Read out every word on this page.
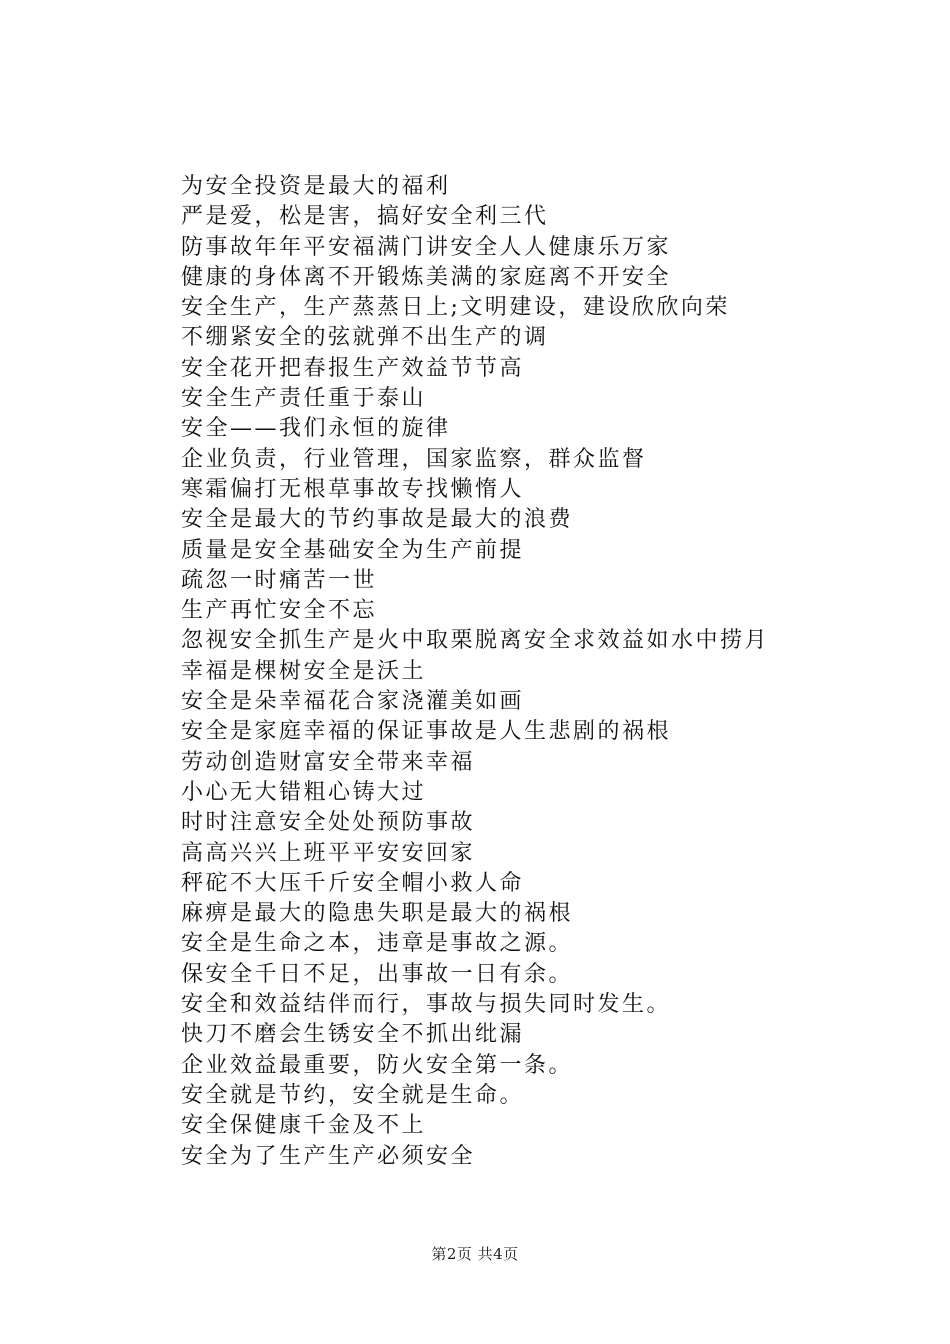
为安全投资是最大的福利
严是爱，松是害，搞好安全利三代
防事故年年平安福满门讲安全人人健康乐万家
健康的身体离不开锻炼美满的家庭离不开安全
安全生产，生产蒸蒸日上;文明建设，建设欣欣向荣
不绷紧安全的弦就弹不出生产的调
安全花开把春报生产效益节节高
安全生产责任重于泰山
安全——我们永恒的旋律
企业负责，行业管理，国家监察，群众监督
寒霜偏打无根草事故专找懒惰人
安全是最大的节约事故是最大的浪费
质量是安全基础安全为生产前提
疏忽一时痛苦一世
生产再忙安全不忘
忽视安全抓生产是火中取栗脱离安全求效益如水中捞月
幸福是棵树安全是沃土
安全是朵幸福花合家浇灌美如画
安全是家庭幸福的保证事故是人生悲剧的祸根
劳动创造财富安全带来幸福
小心无大错粗心铸大过
时时注意安全处处预防事故
高高兴兴上班平平安安回家
秤砣不大压千斤安全帽小救人命
麻痹是最大的隐患失职是最大的祸根
安全是生命之本，违章是事故之源。
保安全千日不足，出事故一日有余。
安全和效益结伴而行，事故与损失同时发生。
快刀不磨会生锈安全不抓出纰漏
企业效益最重要，防火安全第一条。
安全就是节约，安全就是生命。
安全保健康千金及不上
安全为了生产生产必须安全
第2页 共4页
